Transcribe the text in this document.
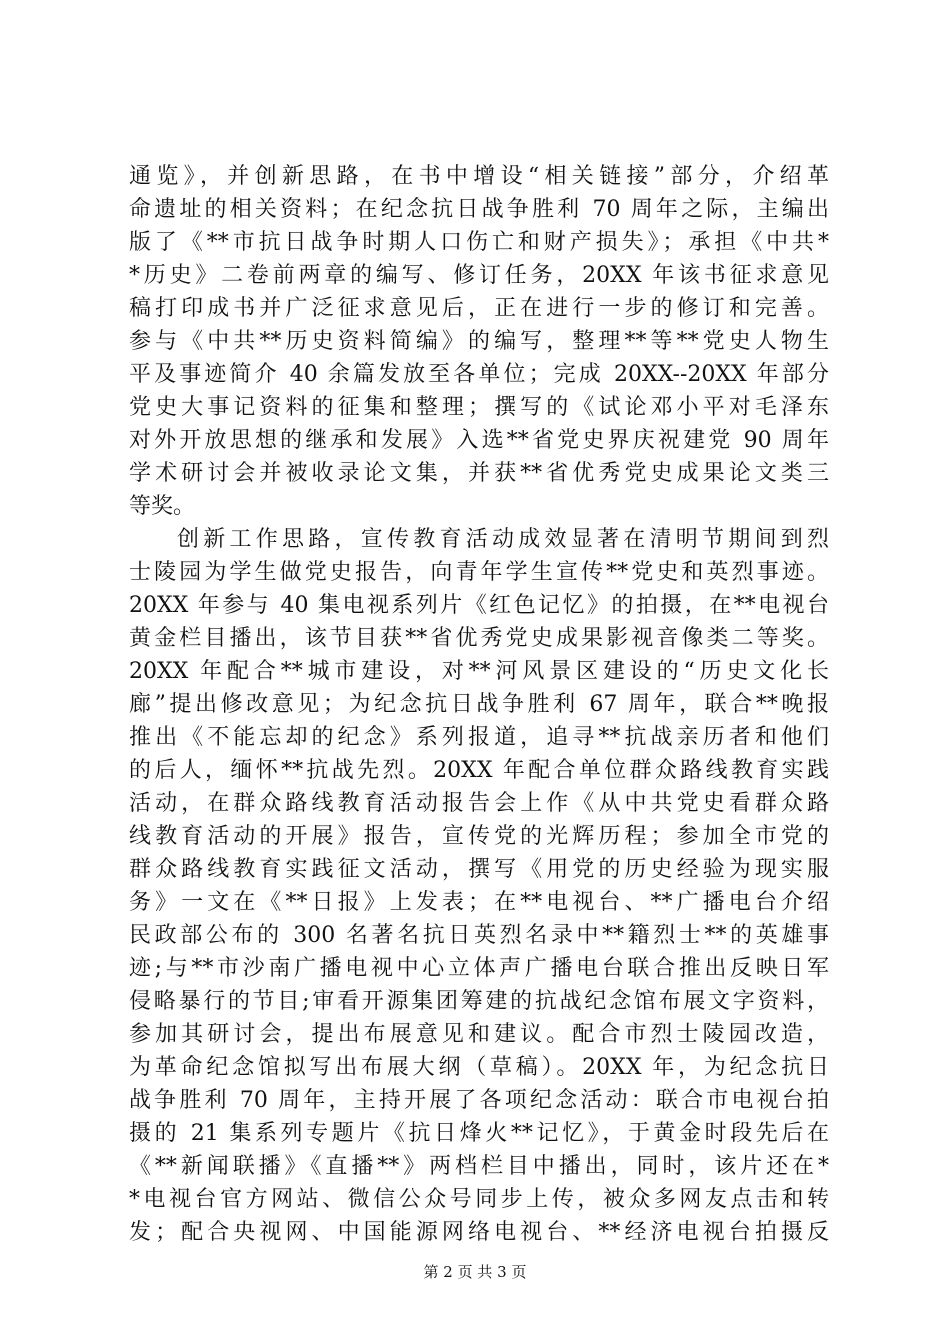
通览》，并创新思路，在书中增设“相关链接”部分，介绍革
命遗址的相关资料；在纪念抗日战争胜利 70 周年之际，主编出
版了《**市抗日战争时期人口伤亡和财产损失》；承担《中共*
*历史》二卷前两章的编写、修订任务，20XX 年该书征求意见
稿打印成书并广泛征求意见后，正在进行一步的修订和完善。
参与《中共**历史资料简编》的编写，整理**等**党史人物生
平及事迹简介 40 余篇发放至各单位；完成 20XX--20XX 年部分
党史大事记资料的征集和整理；撰写的《试论邓小平对毛泽东
对外开放思想的继承和发展》入选**省党史界庆祝建党 90 周年
学术研讨会并被收录论文集，并获**省优秀党史成果论文类三
等奖。
创新工作思路，宣传教育活动成效显著在清明节期间到烈
士陵园为学生做党史报告，向青年学生宣传**党史和英烈事迹。
20XX 年参与 40 集电视系列片《红色记忆》的拍摄，在**电视台
黄金栏目播出，该节目获**省优秀党史成果影视音像类二等奖。
20XX 年配合**城市建设，对**河风景区建设的“历史文化长
廊”提出修改意见；为纪念抗日战争胜利 67 周年，联合**晚报
推出《不能忘却的纪念》系列报道，追寻**抗战亲历者和他们
的后人，缅怀**抗战先烈。20XX 年配合单位群众路线教育实践
活动，在群众路线教育活动报告会上作《从中共党史看群众路
线教育活动的开展》报告，宣传党的光辉历程；参加全市党的
群众路线教育实践征文活动，撰写《用党的历史经验为现实服
务》一文在《**日报》上发表；在**电视台、**广播电台介绍
民政部公布的 300 名著名抗日英烈名录中**籍烈士**的英雄事
迹;与**市沙南广播电视中心立体声广播电台联合推出反映日军
侵略暴行的节目;审看开源集团筹建的抗战纪念馆布展文字资料，
参加其研讨会，提出布展意见和建议。配合市烈士陵园改造，
为革命纪念馆拟写出布展大纲（草稿）。20XX 年，为纪念抗日
战争胜利 70 周年，主持开展了各项纪念活动：联合市电视台拍
摄的 21 集系列专题片《抗日烽火**记忆》，于黄金时段先后在
《**新闻联播》《直播**》两档栏目中播出，同时，该片还在*
*电视台官方网站、微信公众号同步上传，被众多网友点击和转
发；配合央视网、中国能源网络电视台、**经济电视台拍摄反
第 2 页 共 3 页
